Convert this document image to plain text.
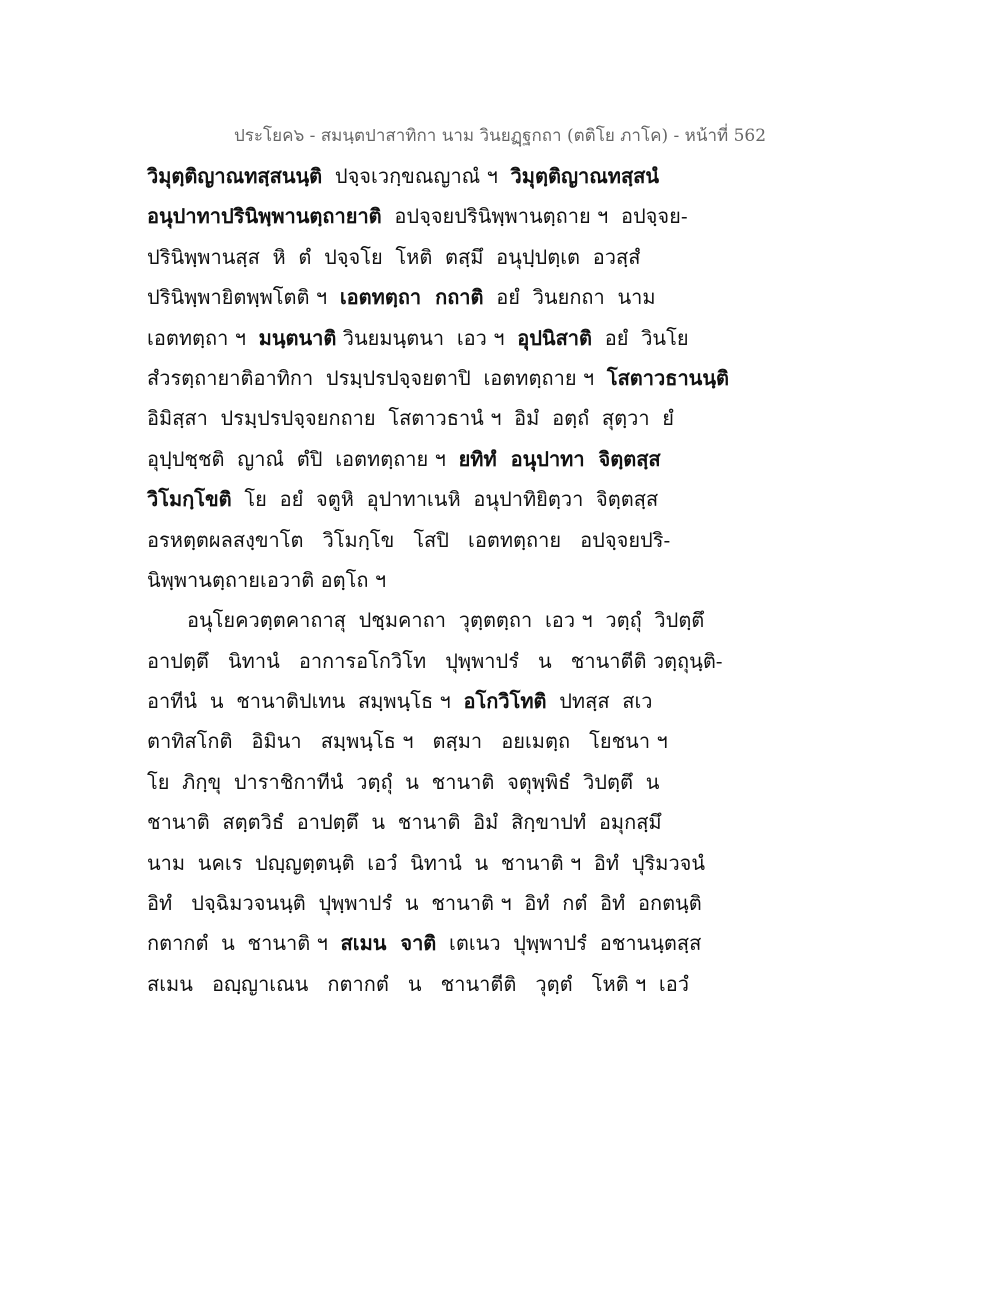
ประโยค๖ - สมนฺตปาสาทิกา นาม วินยฏฺฐกถา (ตติโย ภาโค) - หน้าที่ 562
วิมุตฺติญาณทสฺสนนฺติ  ปจฺจเวกฺขณญาณํ ฯ  วิมุตฺติญาณทสฺสนํ
อนุปาทาปรินิพฺพานตฺถายาติ  อปจฺจยปรินิพฺพานตฺถาย ฯ  อปจฺจย-
ปรินิพฺพานสฺส  หิ  ตํ  ปจฺจโย  โหติ  ตสฺมึ  อนุปฺปตฺเต  อวสฺสํ
ปรินิพฺพายิตพฺพโตติ ฯ  เอตทตฺถา  กถาติ  อยํ  วินยกถา  นาม
เอตทตฺถา ฯ  มนฺตนาติ วินยมนฺตนา  เอว ฯ  อุปนิสาติ  อยํ  วินโย
สํวรตฺถายาติอาทิกา  ปรมฺปรปจฺจยตาปิ  เอตทตฺถาย ฯ  โสตาวธานนฺติ
อิมิสฺสา  ปรมฺปรปจฺจยกถาย  โสตาวธานํ ฯ  อิมํ  อตฺถํ  สุตฺวา  ยํ
อุปฺปชฺชติ  ญาณํ  ตํปิ  เอตทตฺถาย ฯ  ยทิทํ  อนุปาทา  จิตฺตสฺส
วิโมกฺโขติ  โย  อยํ  จตูหิ  อุปาทาเนหิ  อนุปาทิยิตฺวา  จิตฺตสฺส
อรหตฺตผลสงฺขาโต   วิโมกฺโข   โสปิ   เอตทตฺถาย   อปจฺจยปริ-
นิพฺพานตฺถายเอวาติ อตฺโถ ฯ
อนุโยควตฺตคาถาสุ  ปชฺมคาถา  วุตฺตตฺถา  เอว ฯ  วตฺถุํ  วิปตฺตึ
อาปตฺตึ   นิทานํ   อาการอโกวิโท   ปุพฺพาปรํ   น   ชานาตีติ วตฺถุนฺติ-
อาทีนํ  น  ชานาติปเทน  สมฺพนฺโธ ฯ  อโกวิโทติ  ปทสฺส  สเว
ตาทิสโกติ   อิมินา   สมฺพนฺโธ ฯ   ตสฺมา   อยเมตฺถ   โยชนา ฯ
โย  ภิกฺขุ  ปาราชิกาทีนํ  วตฺถุํ  น  ชานาติ  จตุพฺพิธํ  วิปตฺตึ  น
ชานาติ  สตฺตวิธํ  อาปตฺตึ  น  ชานาติ  อิมํ  สิกฺขาปทํ  อมุกสฺมึ
นาม  นคเร  ปญฺญตฺตนฺติ  เอวํ  นิทานํ  น  ชานาติ ฯ  อิทํ  ปุริมวจนํ
อิทํ   ปจฺฉิมวจนนฺติ  ปุพฺพาปรํ  น  ชานาติ ฯ  อิทํ  กตํ  อิทํ  อกตนฺติ
กตากตํ  น  ชานาติ ฯ  สเมน  จาติ  เตเนว  ปุพฺพาปรํ  อชานนฺตสฺส
สเมน   อญฺญาเณน   กตากตํ   น   ชานาตีติ   วุตฺตํ   โหติ ฯ  เอวํ
